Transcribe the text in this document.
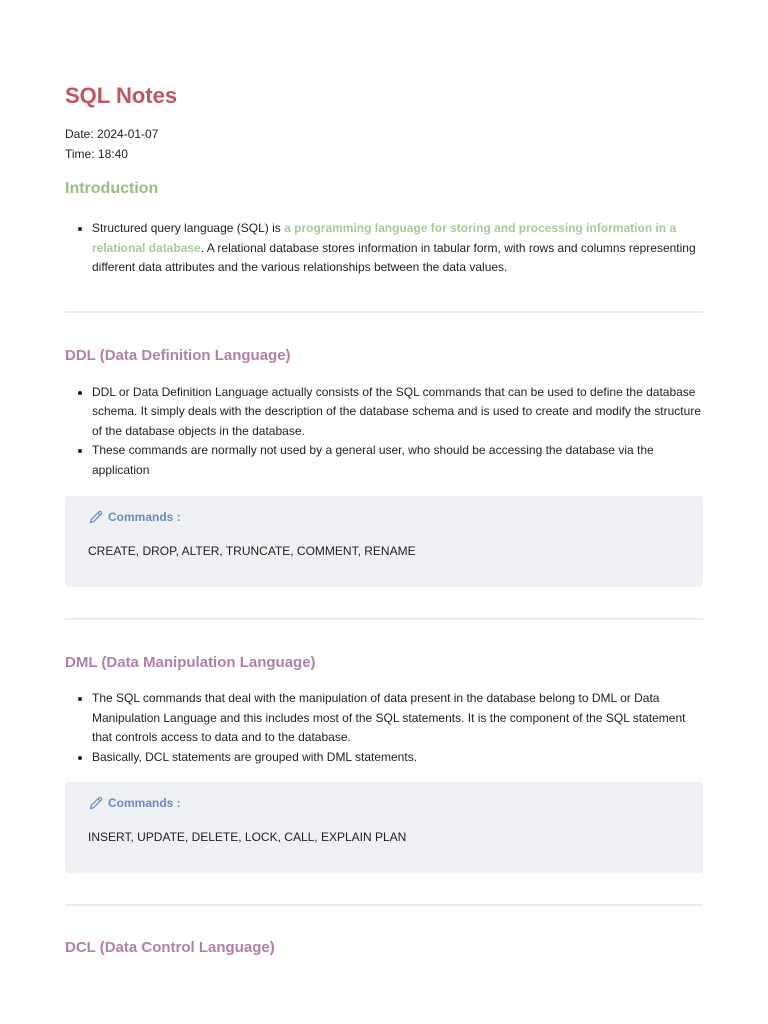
SQL Notes
Date: 2024-01-07
Time: 18:40
Introduction
• Structured query language (SQL) is a programming language for storing and processing information in a relational database. A relational database stores information in tabular form, with rows and columns representing different data attributes and the various relationships between the data values.
DDL (Data Definition Language)
• DDL or Data Definition Language actually consists of the SQL commands that can be used to define the database schema. It simply deals with the description of the database schema and is used to create and modify the structure of the database objects in the database.
• These commands are normally not used by a general user, who should be accessing the database via the application
Commands :
CREATE, DROP, ALTER, TRUNCATE, COMMENT, RENAME
DML (Data Manipulation Language)
• The SQL commands that deal with the manipulation of data present in the database belong to DML or Data Manipulation Language and this includes most of the SQL statements. It is the component of the SQL statement that controls access to data and to the database.
• Basically, DCL statements are grouped with DML statements.
Commands :
INSERT, UPDATE, DELETE, LOCK, CALL, EXPLAIN PLAN
DCL (Data Control Language)
